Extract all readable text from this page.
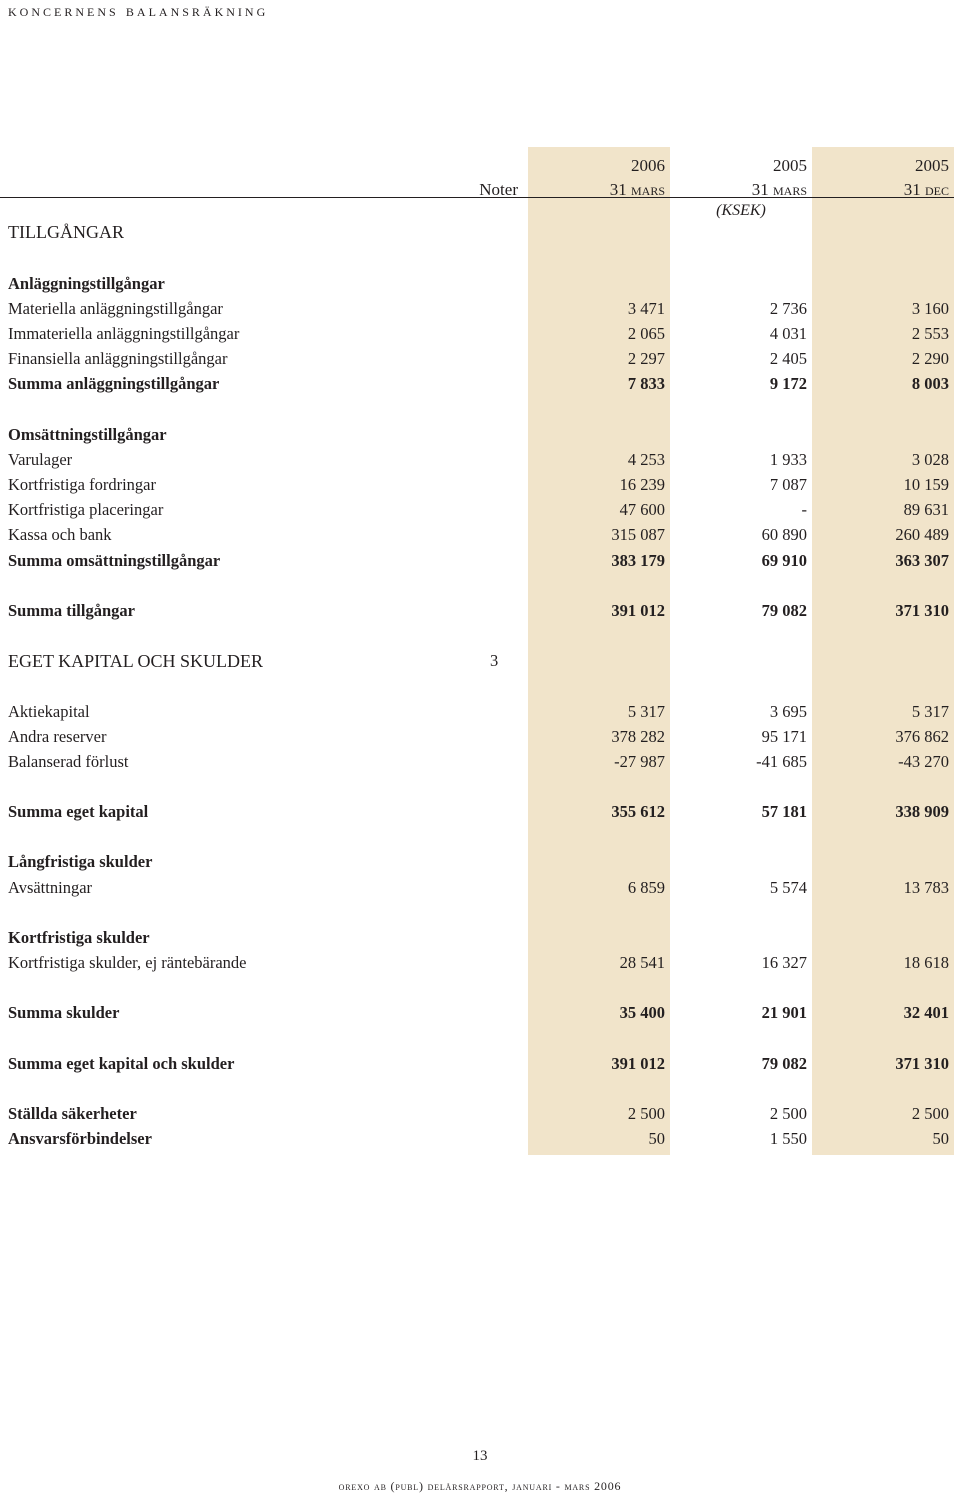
koncernens balansräkning
2006	2005	2005
Noter	31 mars	31 mars	31 dec
(KSEK)
TILLGÅNGAR
Anläggningstillgångar
Materiella anläggningstillgångar	3 471	2 736	3 160
Immateriella anläggningstillgångar	2 065	4 031	2 553
Finansiella anläggningstillgångar	2 297	2 405	2 290
Summa anläggningstillgångar	7 833	9 172	8 003
Omsättningstillgångar
Varulager	4 253	1 933	3 028
Kortfristiga fordringar	16 239	7 087	10 159
Kortfristiga placeringar	47 600	-	89 631
Kassa och bank	315 087	60 890	260 489
Summa omsättningstillgångar	383 179	69 910	363 307
Summa tillgångar	391 012	79 082	371 310
EGET KAPITAL OCH SKULDER	3
Aktiekapital	5 317	3 695	5 317
Andra reserver	378 282	95 171	376 862
Balanserad förlust	-27 987	-41 685	-43 270
Summa eget kapital	355 612	57 181	338 909
Långfristiga skulder
Avsättningar	6 859	5 574	13 783
Kortfristiga skulder
Kortfristiga skulder, ej räntebärande	28 541	16 327	18 618
Summa skulder	35 400	21 901	32 401
Summa eget kapital och skulder	391 012	79 082	371 310
Ställda säkerheter	2 500	2 500	2 500
Ansvarsförbindelser	50	1 550	50
13
orexo ab (publ) delårsrapport, januari - mars 2006
